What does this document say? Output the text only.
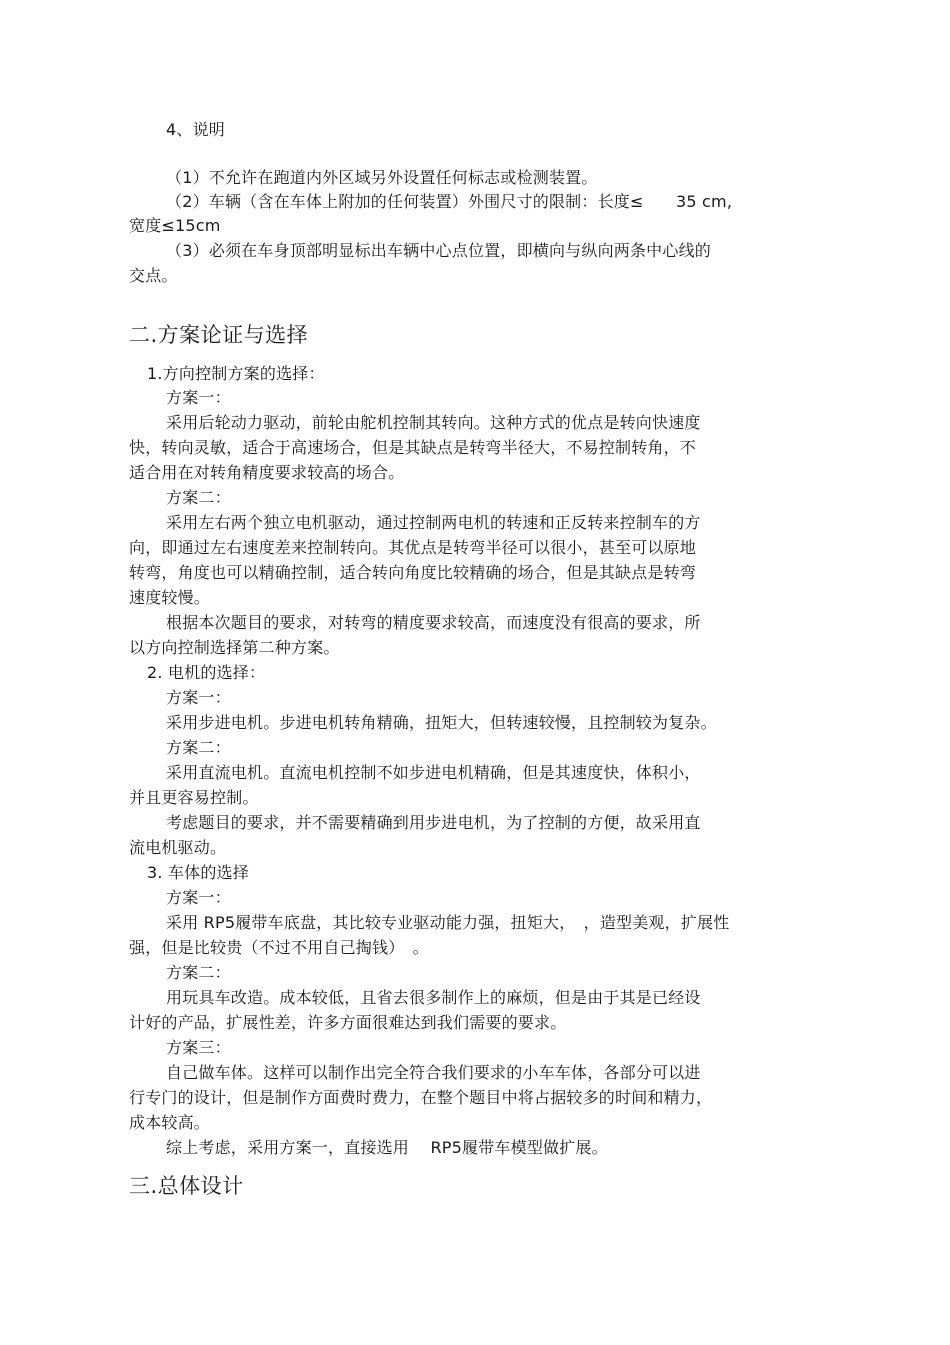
4、说明
（1）不允许在跑道内外区域另外设置任何标志或检测装置。
（2）车辆（含在车体上附加的任何装置）外围尺寸的限制：长度≤　　35 cm,
宽度≤15cm
（3）必须在车身顶部明显标出车辆中心点位置，即横向与纵向两条中心线的
交点。
二.方案论证与选择
1.方向控制方案的选择：
方案一：
采用后轮动力驱动，前轮由舵机控制其转向。这种方式的优点是转向快速度
快，转向灵敏，适合于高速场合，但是其缺点是转弯半径大，不易控制转角，不
适合用在对转角精度要求较高的场合。
方案二：
采用左右两个独立电机驱动，通过控制两电机的转速和正反转来控制车的方
向，即通过左右速度差来控制转向。其优点是转弯半径可以很小，甚至可以原地
转弯，角度也可以精确控制，适合转向角度比较精确的场合，但是其缺点是转弯
速度较慢。
根据本次题目的要求，对转弯的精度要求较高，而速度没有很高的要求，所
以方向控制选择第二种方案。
2. 电机的选择：
方案一：
采用步进电机。步进电机转角精确，扭矩大，但转速较慢，且控制较为复杂。
方案二：
采用直流电机。直流电机控制不如步进电机精确，但是其速度快，体积小，
并且更容易控制。
考虑题目的要求，并不需要精确到用步进电机，为了控制的方便，故采用直
流电机驱动。
3. 车体的选择
方案一：
采用 RP5履带车底盘，其比较专业驱动能力强，扭矩大，　，造型美观，扩展性
强，但是比较贵（不过不用自己掏钱）　。
方案二：
用玩具车改造。成本较低，且省去很多制作上的麻烦，但是由于其是已经设
计好的产品，扩展性差，许多方面很难达到我们需要的要求。
方案三：
自己做车体。这样可以制作出完全符合我们要求的小车车体，各部分可以进
行专门的设计，但是制作方面费时费力，在整个题目中将占据较多的时间和精力，
成本较高。
综上考虑，采用方案一，直接选用　 RP5履带车模型做扩展。
三.总体设计
